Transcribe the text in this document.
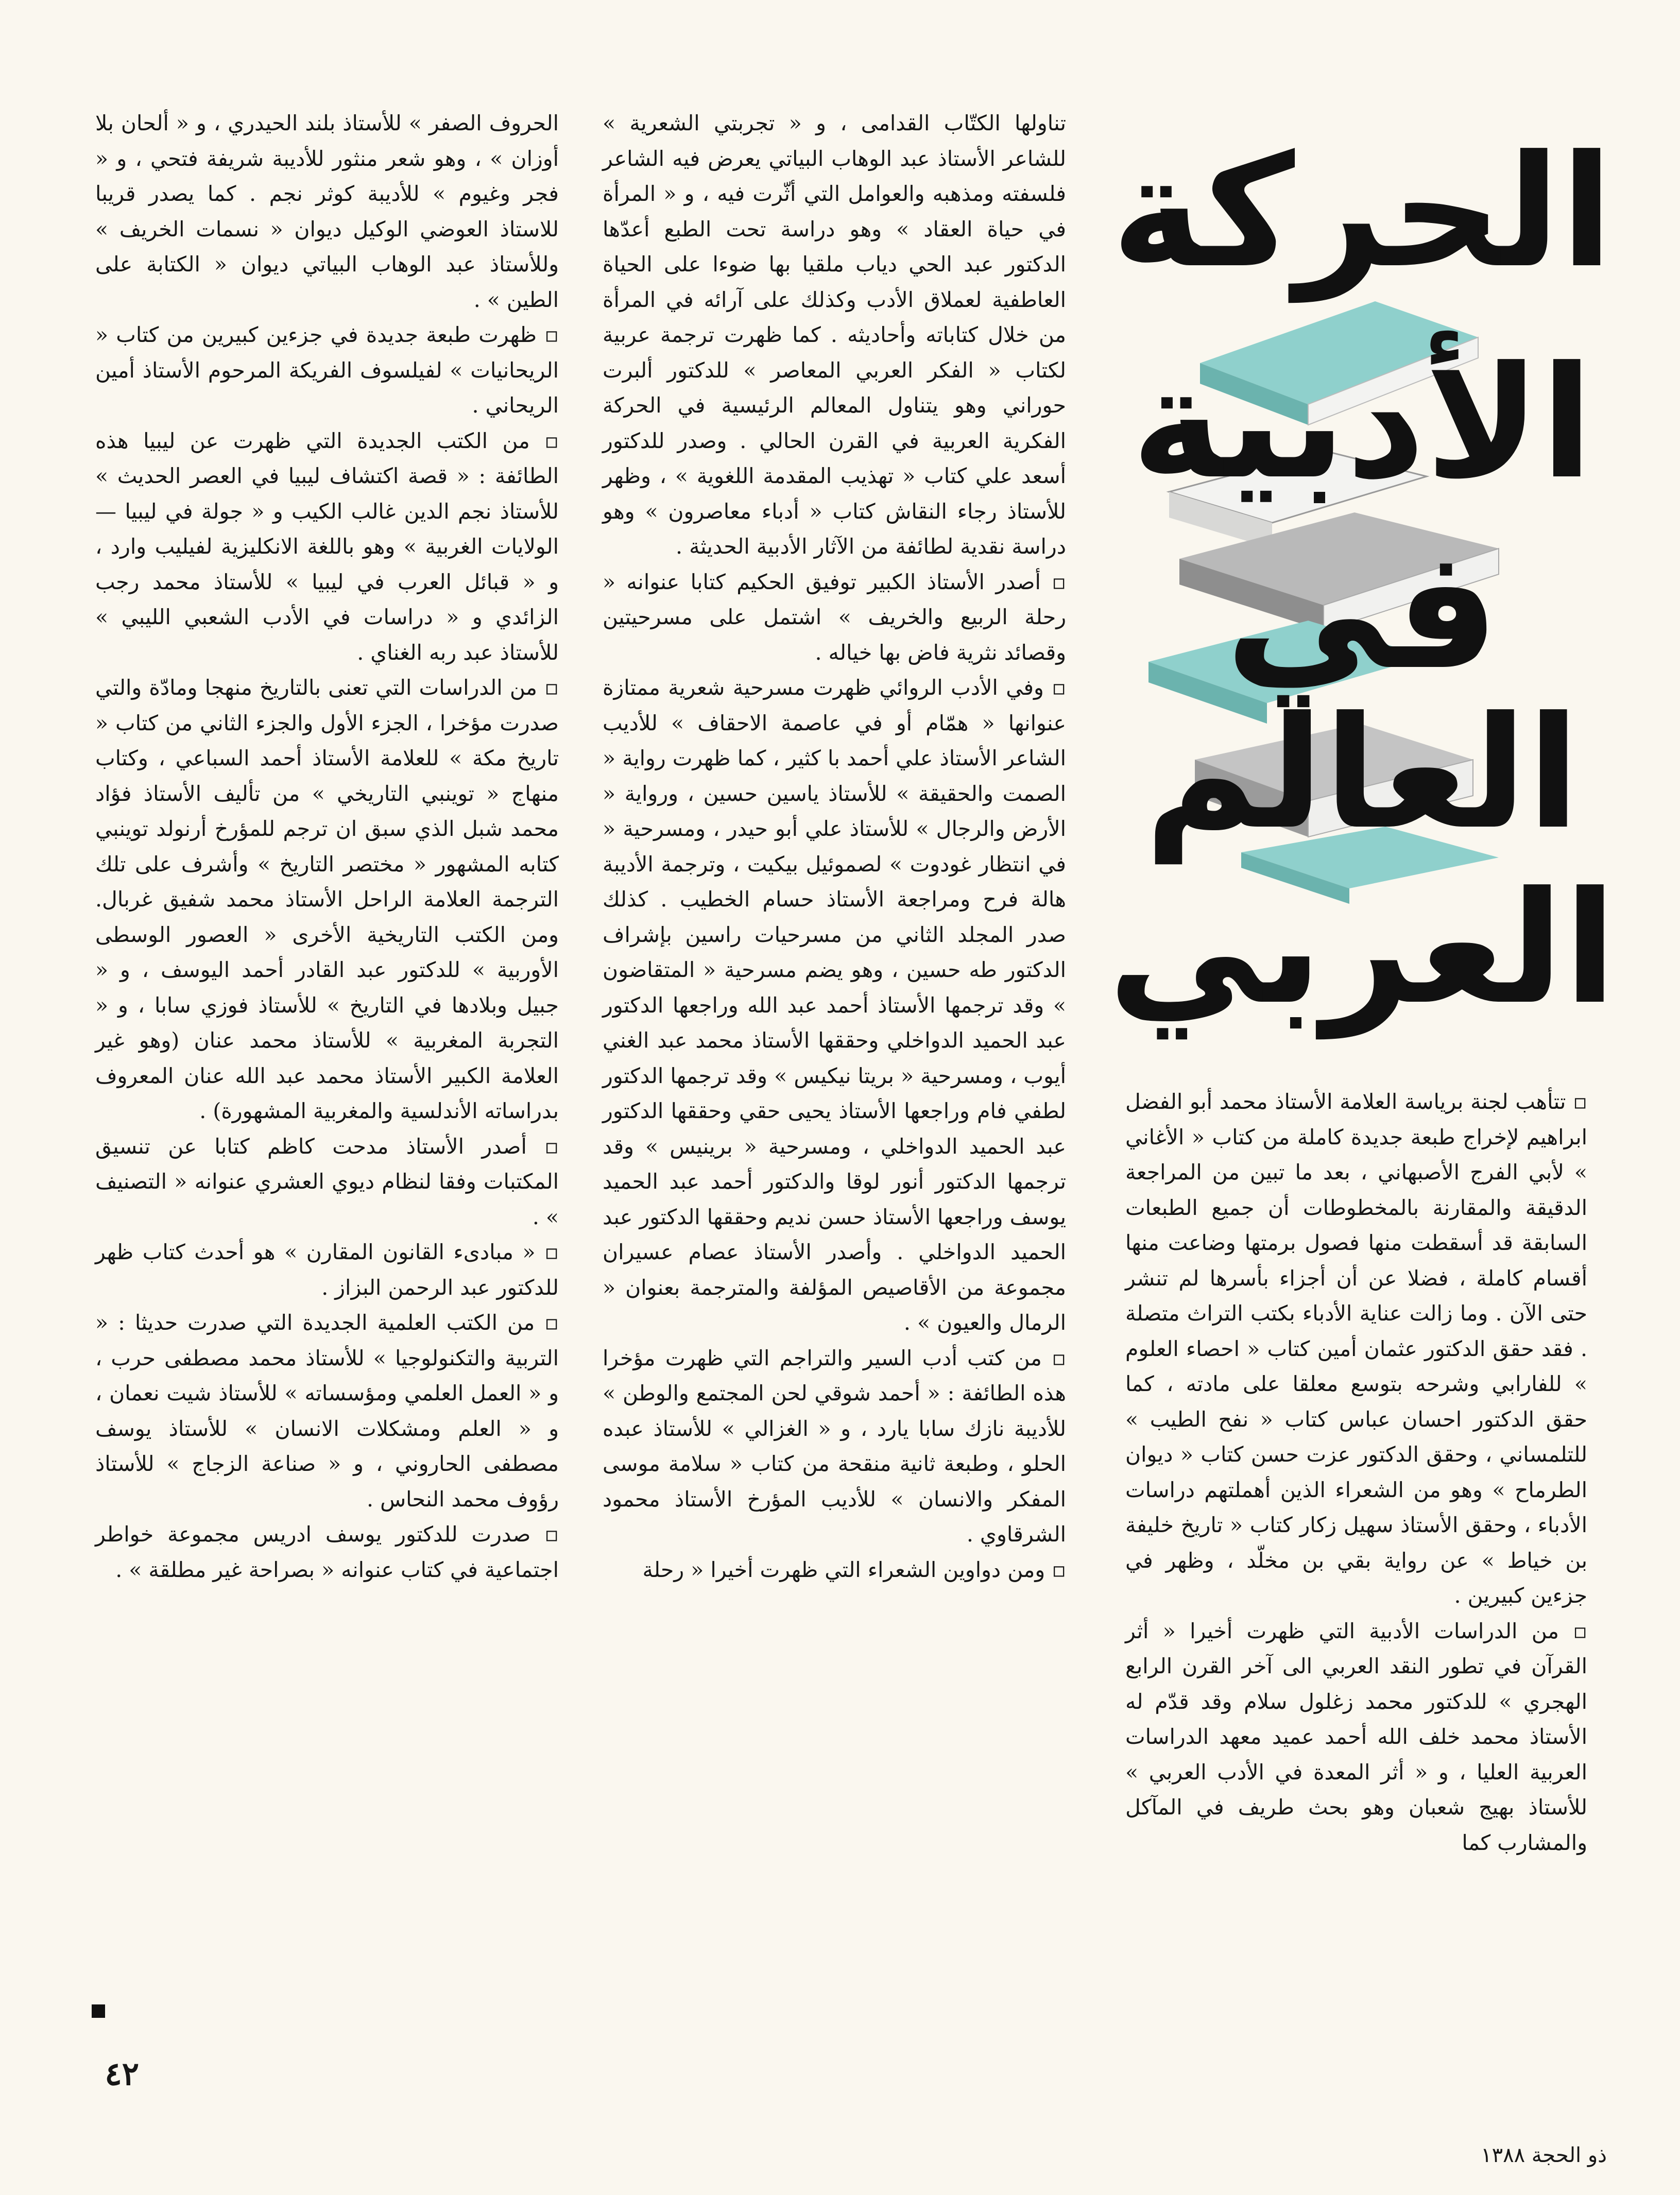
الحركة
الأدبية
في
العالم
العربي

▫ تتأهب لجنة برياسة العلامة الأستاذ محمد أبو الفضل ابراهيم لإخراج طبعة جديدة كاملة من كتاب « الأغاني » لأبي الفرج الأصبهاني ، بعد ما تبين من المراجعة الدقيقة والمقارنة بالمخطوطات أن جميع الطبعات السابقة قد أسقطت منها فصول برمتها وضاعت منها أقسام كاملة ، فضلا عن أن أجزاء بأسرها لم تنشر حتى الآن . وما زالت عناية الأدباء بكتب التراث متصلة . فقد حقق الدكتور عثمان أمين كتاب « احصاء العلوم » للفارابي وشرحه بتوسع معلقا على مادته ، كما حقق الدكتور احسان عباس كتاب « نفح الطيب » للتلمساني ، وحقق الدكتور عزت حسن كتاب « ديوان الطرماح » وهو من الشعراء الذين أهملتهم دراسات الأدباء ، وحقق الأستاذ سهيل زكار كتاب « تاريخ خليفة بن خياط » عن رواية بقي بن مخلّد ، وظهر في جزءين كبيرين .

▫ من الدراسات الأدبية التي ظهرت أخيرا « أثر القرآن في تطور النقد العربي الى آخر القرن الرابع الهجري » للدكتور محمد زغلول سلام وقد قدّم له الأستاذ محمد خلف الله أحمد عميد معهد الدراسات العربية العليا ، و « أثر المعدة في الأدب العربي » للأستاذ بهيج شعبان وهو بحث طريف في المآكل والمشارب كما

تناولها الكتّاب القدامى ، و « تجربتي الشعرية » للشاعر الأستاذ عبد الوهاب البياتي يعرض فيه الشاعر فلسفته ومذهبه والعوامل التي أثّرت فيه ، و « المرأة في حياة العقاد » وهو دراسة تحت الطبع أعدّها الدكتور عبد الحي دياب ملقيا بها ضوءا على الحياة العاطفية لعملاق الأدب وكذلك على آرائه في المرأة من خلال كتاباته وأحاديثه . كما ظهرت ترجمة عربية لكتاب « الفكر العربي المعاصر » للدكتور ألبرت حوراني وهو يتناول المعالم الرئيسية في الحركة الفكرية العربية في القرن الحالي . وصدر للدكتور أسعد علي كتاب « تهذيب المقدمة اللغوية » ، وظهر للأستاذ رجاء النقاش كتاب « أدباء معاصرون » وهو دراسة نقدية لطائفة من الآثار الأدبية الحديثة .

▫ أصدر الأستاذ الكبير توفيق الحكيم كتابا عنوانه « رحلة الربيع والخريف » اشتمل على مسرحيتين وقصائد نثرية فاض بها خياله .

▫ وفي الأدب الروائي ظهرت مسرحية شعرية ممتازة عنوانها « همّام أو في عاصمة الاحقاف » للأديب الشاعر الأستاذ علي أحمد با كثير ، كما ظهرت رواية « الصمت والحقيقة » للأستاذ ياسين حسين ، ورواية « الأرض والرجال » للأستاذ علي أبو حيدر ، ومسرحية « في انتظار غودوت » لصموئيل بيكيت ، وترجمة الأديبة هالة فرح ومراجعة الأستاذ حسام الخطيب . كذلك صدر المجلد الثاني من مسرحيات راسين بإشراف الدكتور طه حسين ، وهو يضم مسرحية « المتقاضون » وقد ترجمها الأستاذ أحمد عبد الله وراجعها الدكتور عبد الحميد الدواخلي وحققها الأستاذ محمد عبد الغني أيوب ، ومسرحية « بريتا نيكيس » وقد ترجمها الدكتور لطفي فام وراجعها الأستاذ يحيى حقي وحققها الدكتور عبد الحميد الدواخلي ، ومسرحية « برينيس » وقد ترجمها الدكتور أنور لوقا والدكتور أحمد عبد الحميد يوسف وراجعها الأستاذ حسن نديم وحققها الدكتور عبد الحميد الدواخلي . وأصدر الأستاذ عصام عسيران مجموعة من الأقاصيص المؤلفة والمترجمة بعنوان « الرمال والعيون » .

▫ من كتب أدب السير والتراجم التي ظهرت مؤخرا هذه الطائفة : « أحمد شوقي لحن المجتمع والوطن » للأديبة نازك سابا يارد ، و « الغزالي » للأستاذ عبده الحلو ، وطبعة ثانية منقحة من كتاب « سلامة موسى المفكر والانسان » للأديب المؤرخ الأستاذ محمود الشرقاوي .

▫ ومن دواوين الشعراء التي ظهرت أخيرا « رحلة

الحروف الصفر » للأستاذ بلند الحيدري ، و « ألحان بلا أوزان » ، وهو شعر منثور للأديبة شريفة فتحي ، و « فجر وغيوم » للأديبة كوثر نجم . كما يصدر قريبا للاستاذ العوضي الوكيل ديوان « نسمات الخريف » وللأستاذ عبد الوهاب البياتي ديوان « الكتابة على الطين » .

▫ ظهرت طبعة جديدة في جزءين كبيرين من كتاب « الريحانيات » لفيلسوف الفريكة المرحوم الأستاذ أمين الريحاني .

▫ من الكتب الجديدة التي ظهرت عن ليبيا هذه الطائفة : « قصة اكتشاف ليبيا في العصر الحديث » للأستاذ نجم الدين غالب الكيب و « جولة في ليبيا — الولايات الغربية » وهو باللغة الانكليزية لفيليب وارد ، و « قبائل العرب في ليبيا » للأستاذ محمد رجب الزائدي و « دراسات في الأدب الشعبي الليبي » للأستاذ عبد ربه الغناي .

▫ من الدراسات التي تعنى بالتاريخ منهجا ومادّة والتي صدرت مؤخرا ، الجزء الأول والجزء الثاني من كتاب « تاريخ مكة » للعلامة الأستاذ أحمد السباعي ، وكتاب منهاج « توينبي التاريخي » من تأليف الأستاذ فؤاد محمد شبل الذي سبق ان ترجم للمؤرخ أرنولد توينبي كتابه المشهور « مختصر التاريخ » وأشرف على تلك الترجمة العلامة الراحل الأستاذ محمد شفيق غربال. ومن الكتب التاريخية الأخرى « العصور الوسطى الأوربية » للدكتور عبد القادر أحمد اليوسف ، و « جبيل وبلادها في التاريخ » للأستاذ فوزي سابا ، و « التجربة المغربية » للأستاذ محمد عنان (وهو غير العلامة الكبير الأستاذ محمد عبد الله عنان المعروف بدراساته الأندلسية والمغربية المشهورة) .

▫ أصدر الأستاذ مدحت كاظم كتابا عن تنسيق المكتبات وفقا لنظام ديوي العشري عنوانه « التصنيف » .

▫ « مبادىء القانون المقارن » هو أحدث كتاب ظهر للدكتور عبد الرحمن البزاز .

▫ من الكتب العلمية الجديدة التي صدرت حديثا : « التربية والتكنولوجيا » للأستاذ محمد مصطفى حرب ، و « العمل العلمي ومؤسساته » للأستاذ شيت نعمان ، و « العلم ومشكلات الانسان » للأستاذ يوسف مصطفى الحاروني ، و « صناعة الزجاج » للأستاذ رؤوف محمد النحاس .

▫ صدرت للدكتور يوسف ادريس مجموعة خواطر اجتماعية في كتاب عنوانه « بصراحة غير مطلقة » .

٤٢
ذو الحجة ١٣٨٨
